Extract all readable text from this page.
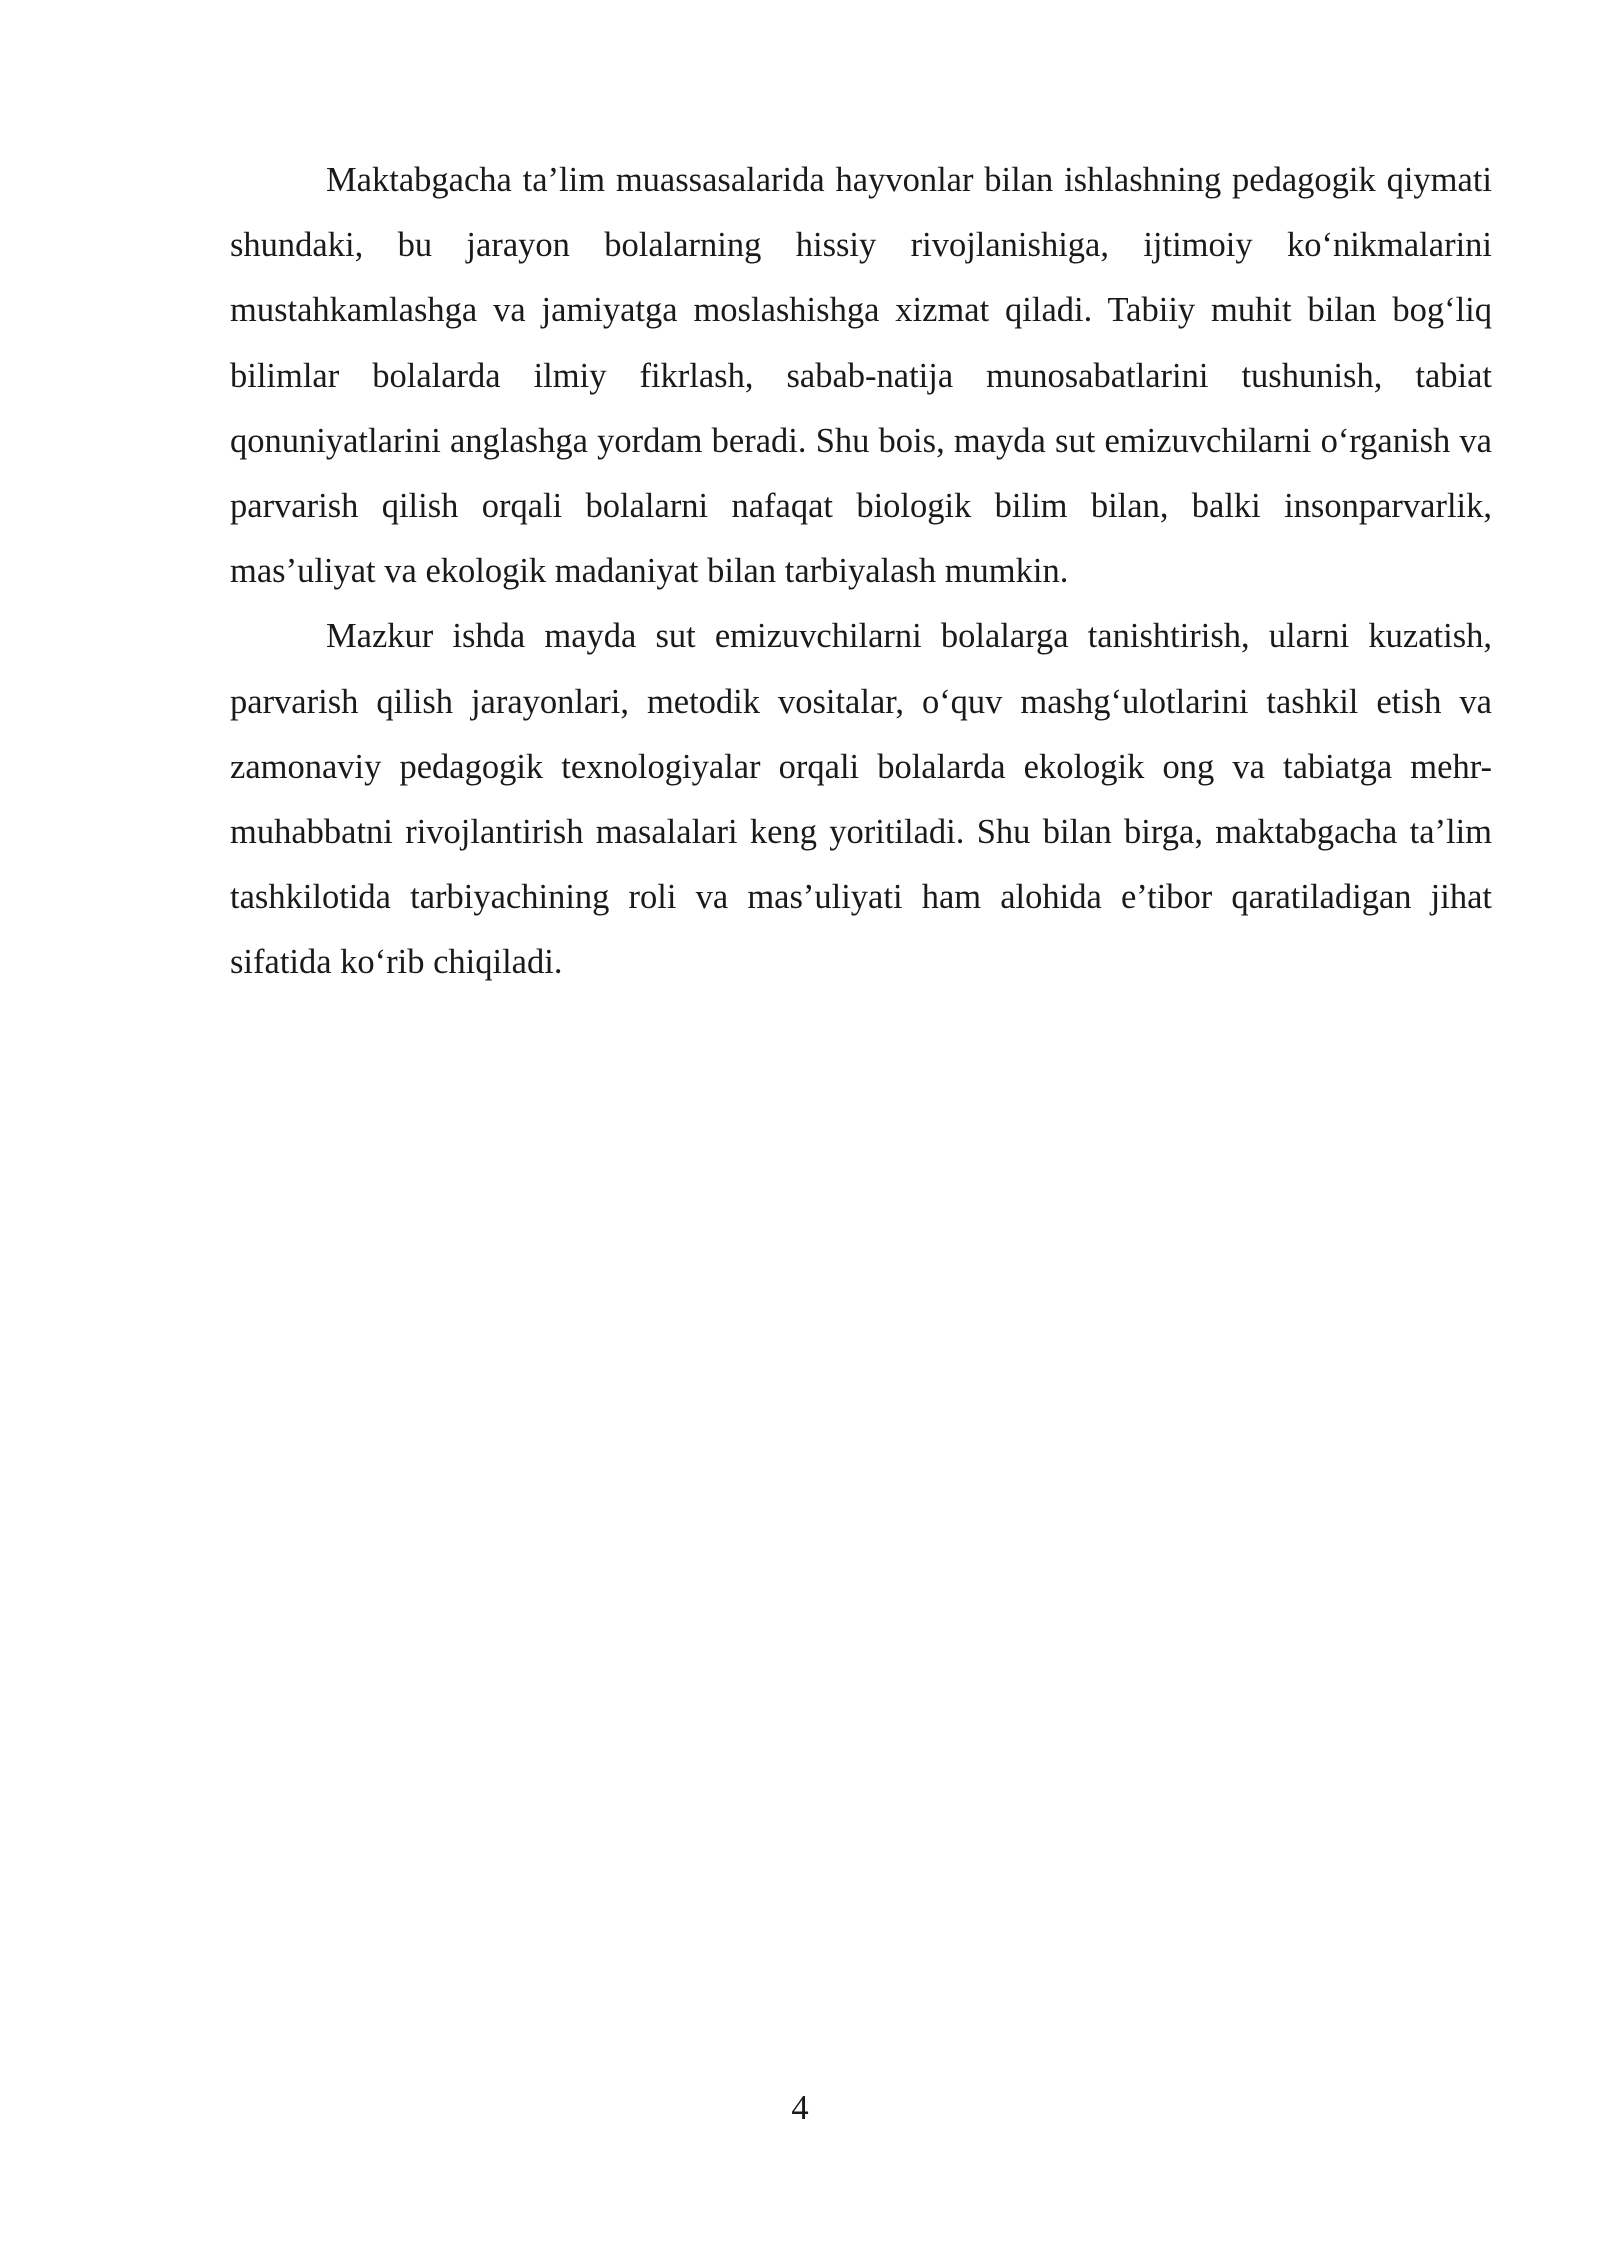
Maktabgacha ta’lim muassasalarida hayvonlar bilan ishlashning pedagogik qiymati shundaki, bu jarayon bolalarning hissiy rivojlanishiga, ijtimoiy ko‘nikmalarini mustahkamlashga va jamiyatga moslashishga xizmat qiladi. Tabiiy muhit bilan bog‘liq bilimlar bolalarda ilmiy fikrlash, sabab-natija munosabatlarini tushunish, tabiat qonuniyatlarini anglashga yordam beradi. Shu bois, mayda sut emizuvchilarni o‘rganish va parvarish qilish orqali bolalarni nafaqat biologik bilim bilan, balki insonparvarlik, mas’uliyat va ekologik madaniyat bilan tarbiyalash mumkin.

Mazkur ishda mayda sut emizuvchilarni bolalarga tanishtirish, ularni kuzatish, parvarish qilish jarayonlari, metodik vositalar, o‘quv mashg‘ulotlarini tashkil etish va zamonaviy pedagogik texnologiyalar orqali bolalarda ekologik ong va tabiatga mehr-muhabbatni rivojlantirish masalalari keng yoritiladi. Shu bilan birga, maktabgacha ta’lim tashkilotida tarbiyachining roli va mas’uliyati ham alohida e’tibor qaratiladigan jihat sifatida ko‘rib chiqiladi.

4
